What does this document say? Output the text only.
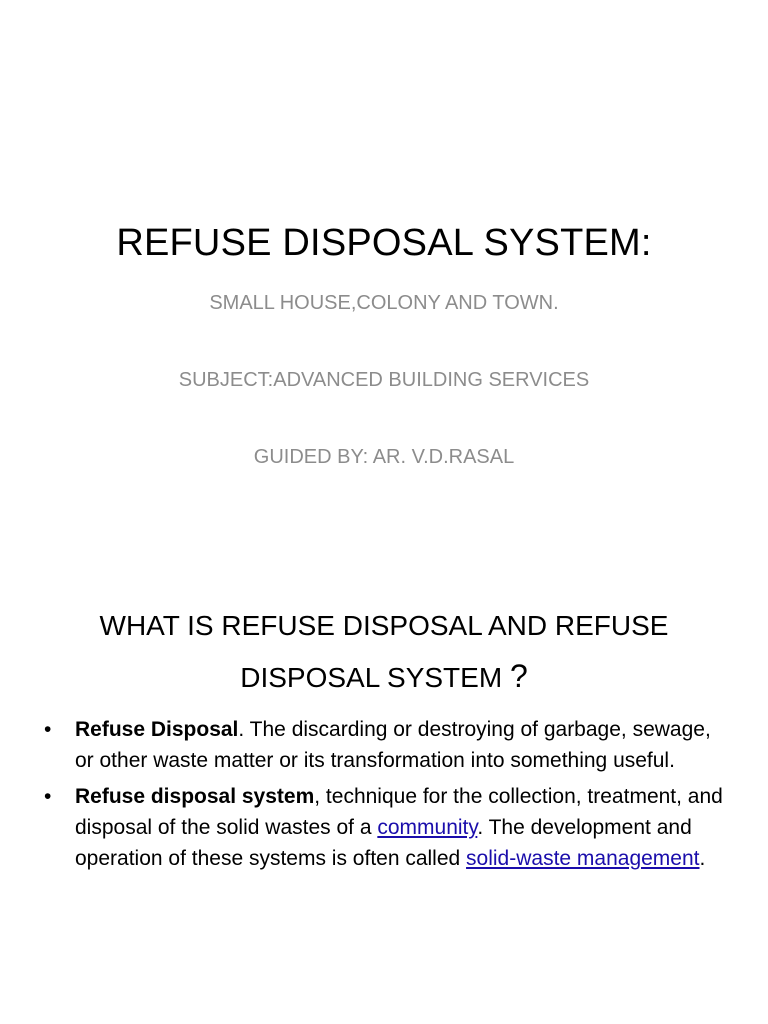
REFUSE DISPOSAL SYSTEM:
SMALL HOUSE,COLONY AND TOWN.
SUBJECT:ADVANCED BUILDING SERVICES
GUIDED BY: AR. V.D.RASAL
WHAT IS REFUSE DISPOSAL AND REFUSE
DISPOSAL SYSTEM ?
• Refuse Disposal. The discarding or destroying of garbage, sewage, or other waste matter or its transformation into something useful.
• Refuse disposal system, technique for the collection, treatment, and disposal of the solid wastes of a community. The development and operation of these systems is often called solid-waste management.
